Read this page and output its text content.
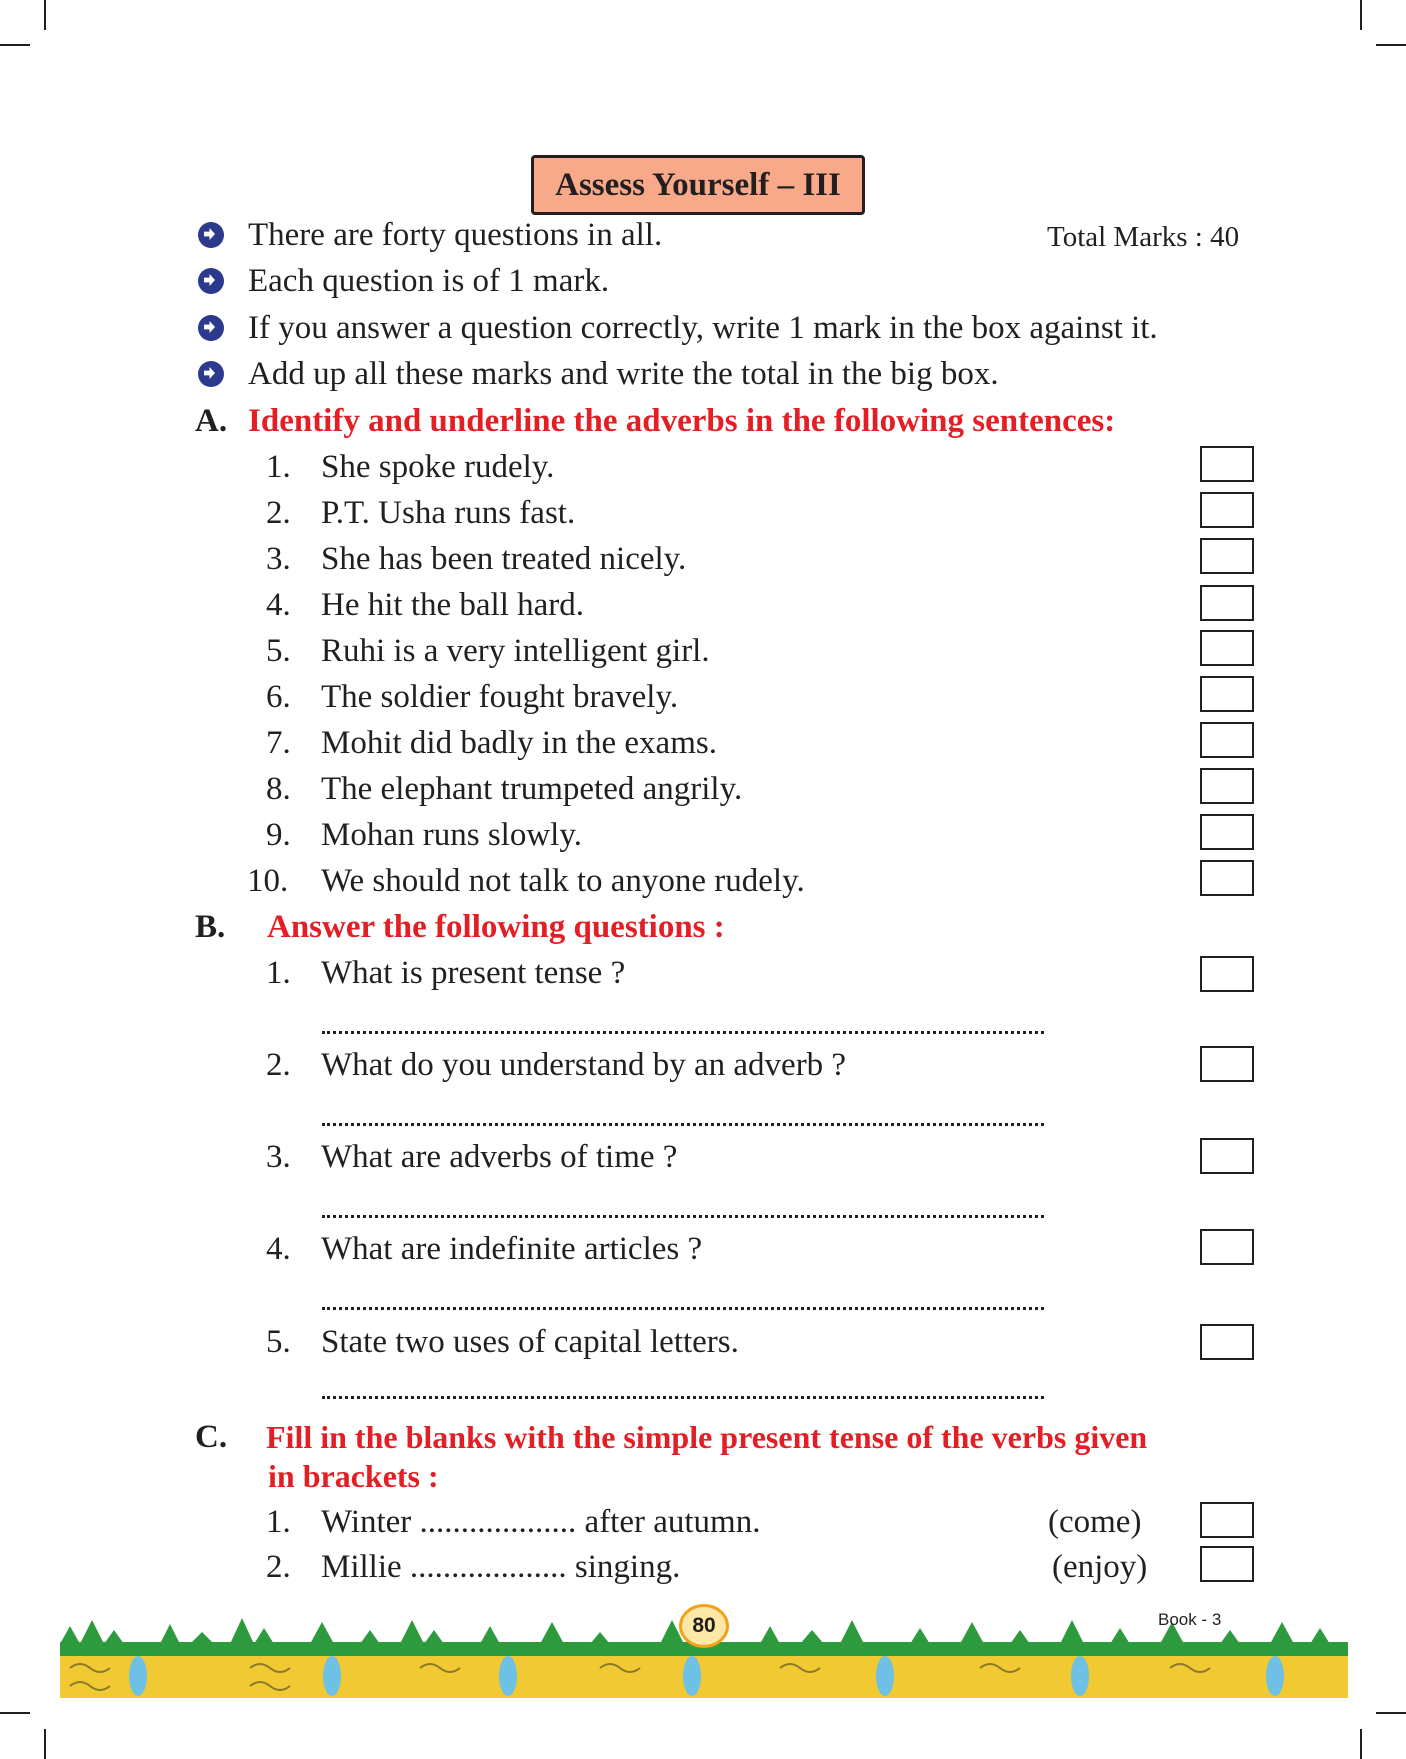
Assess Yourself – III
There are forty questions in all.	Total Marks : 40
Each question is of 1 mark.
If you answer a question correctly, write 1 mark in the box against it.
Add up all these marks and write the total in the big box.
A. Identify and underline the adverbs in the following sentences:
1. She spoke rudely.
2. P.T. Usha runs fast.
3. She has been treated nicely.
4. He hit the ball hard.
5. Ruhi is a very intelligent girl.
6. The soldier fought bravely.
7. Mohit did badly in the exams.
8. The elephant trumpeted angrily.
9. Mohan runs slowly.
10. We should not talk to anyone rudely.
B. Answer the following questions :
1. What is present tense ?
2. What do you understand by an adverb ?
3. What are adverbs of time ?
4. What are indefinite articles ?
5. State two uses of capital letters.
C. Fill in the blanks with the simple present tense of the verbs given
in brackets :
1. Winter ................... after autumn.	(come)
2. Millie ................... singing.	(enjoy)
80	Book - 3
